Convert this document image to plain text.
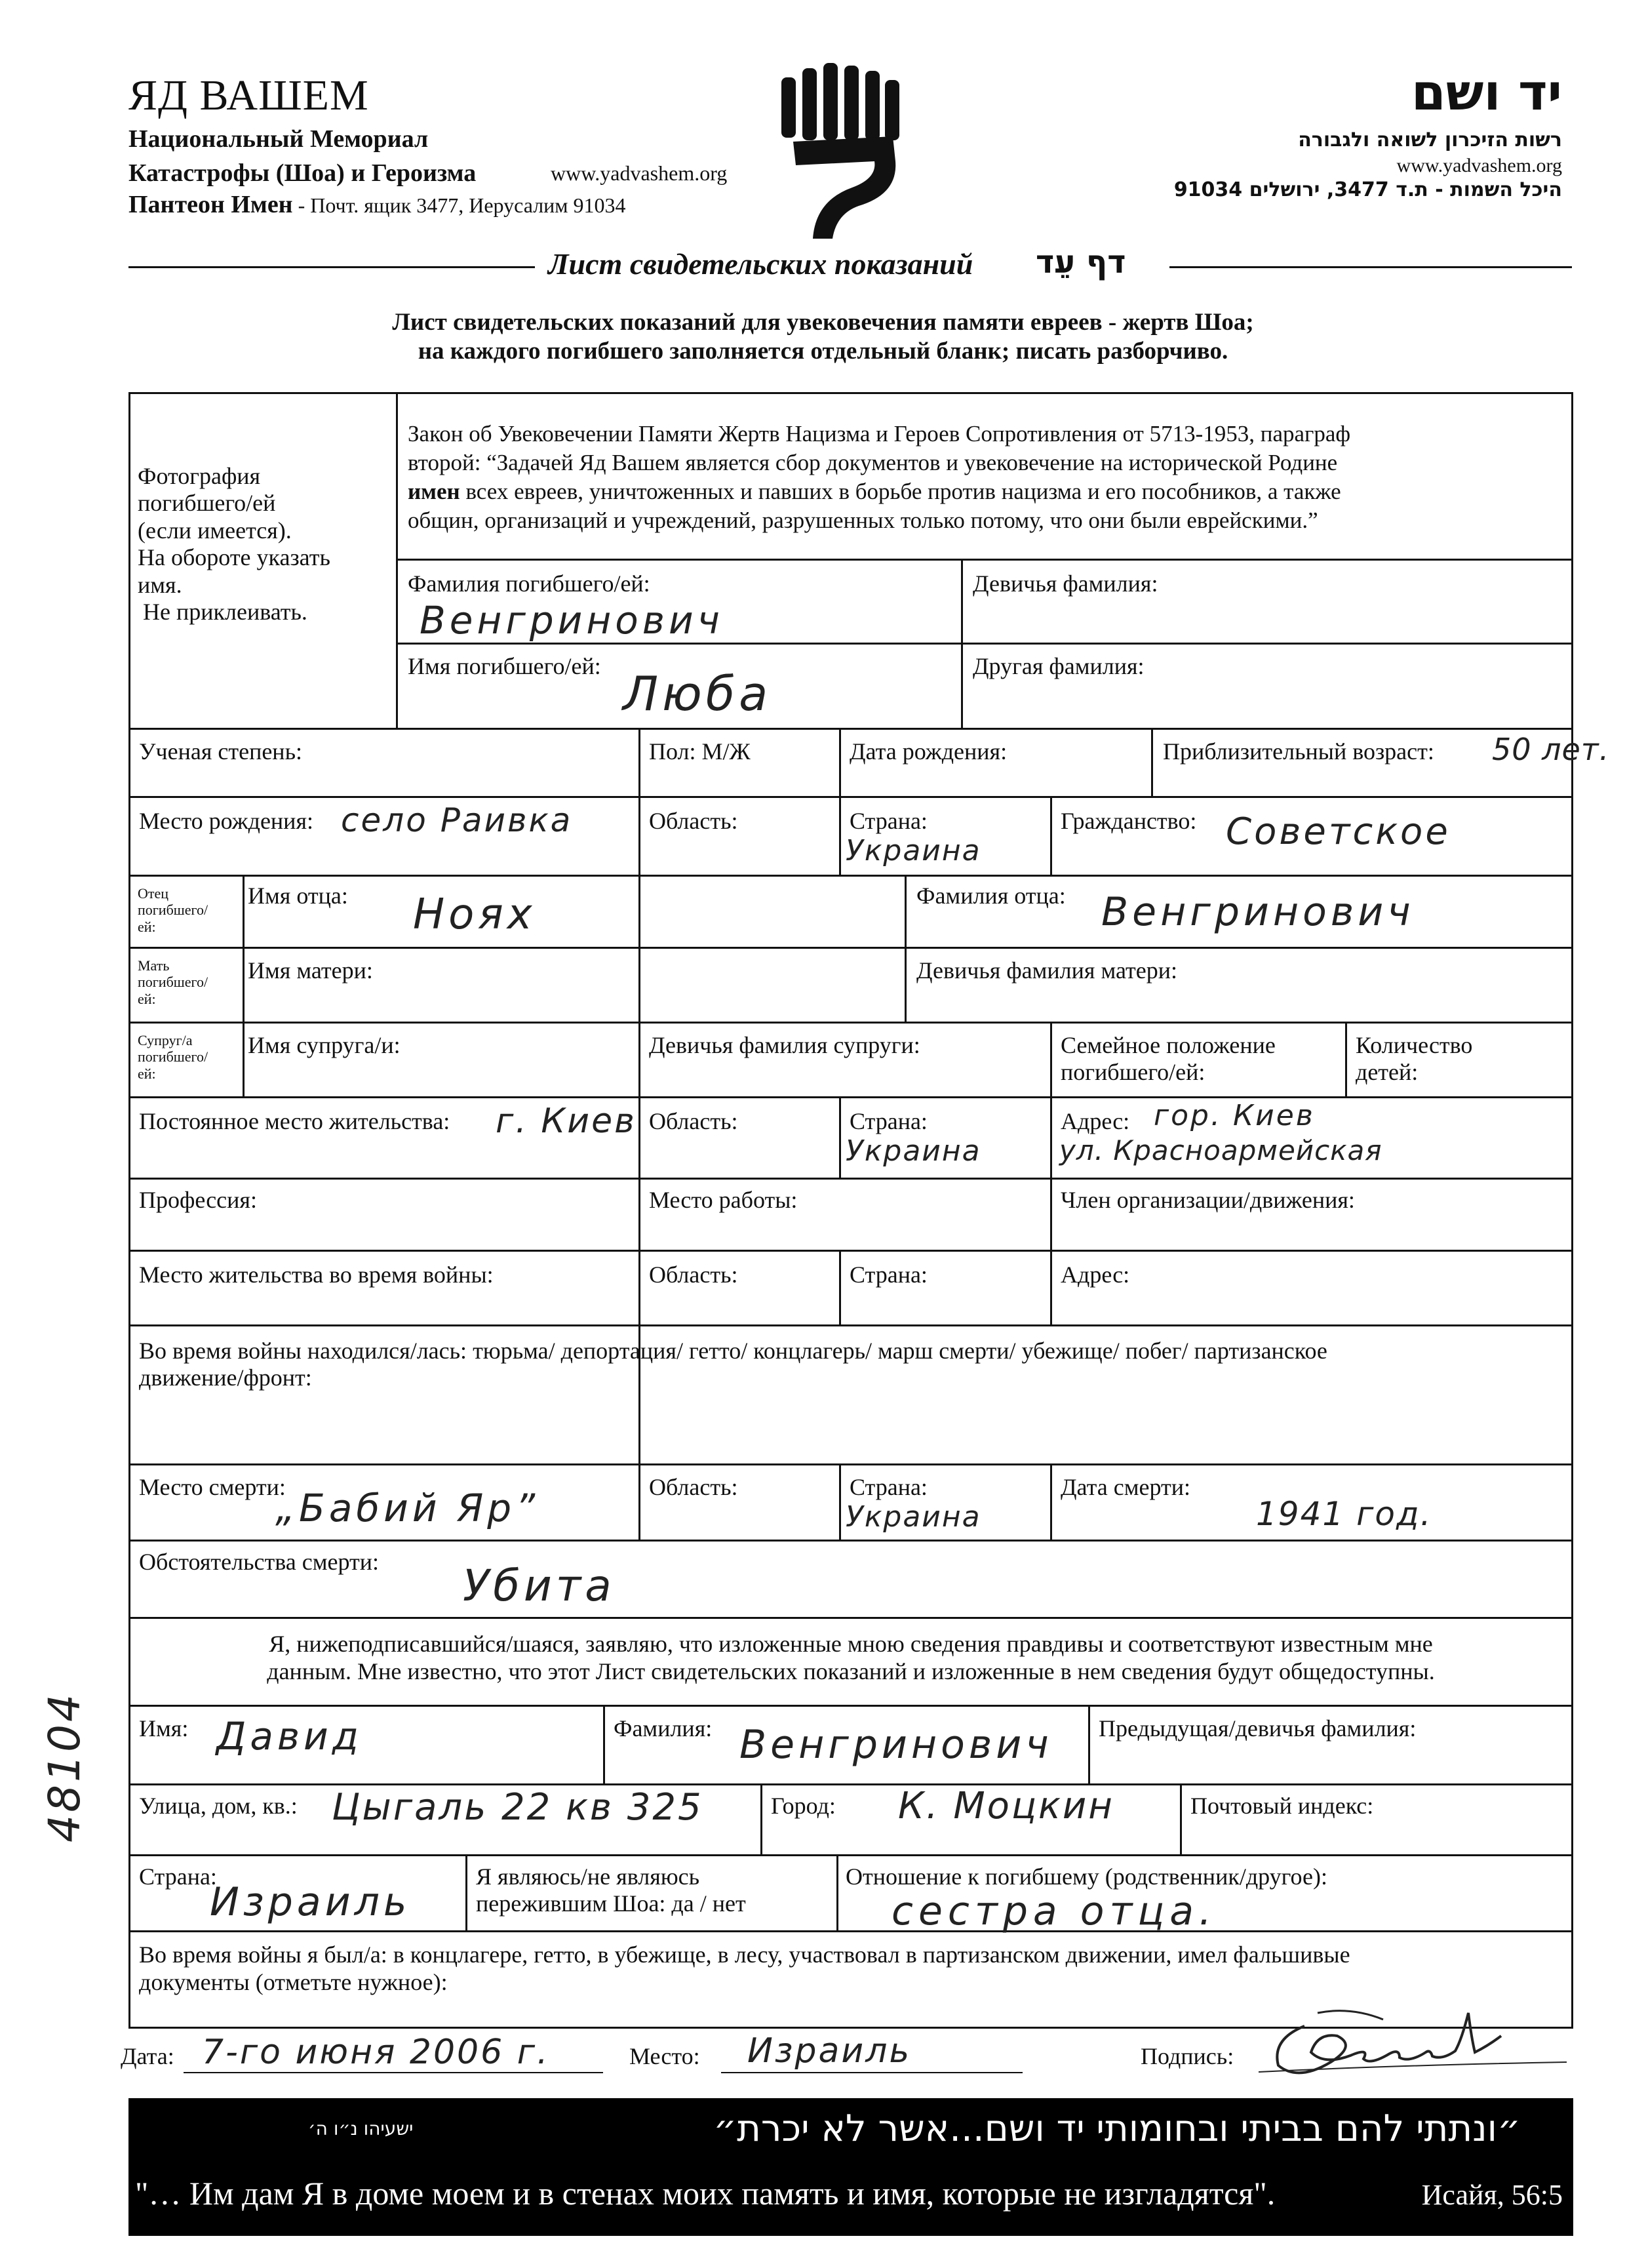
ЯД ВАШЕМ
Национальный Мемориал
Катастрофы (Шоа) и Героизма	www.yadvashem.org
Пантеон Имен - Почт. ящик 3477, Иерусалим 91034
יד ושם
רשות הזיכרון לשואה ולגבורה
www.yadvashem.org
היכל השמות - ת.ד 3477, ירושלים 91034
Лист свидетельских показаний דף עֵד
Лист свидетельских показаний для увековечения памяти евреев - жертв Шоа;
на каждого погибшего заполняется отдельный бланк; писать разборчиво.
Фотография
погибшего/ей
(если имеется).
На обороте указать
имя.
Не приклеивать.
Закон об Увековечении Памяти Жертв Нацизма и Героев Сопротивления от 5713-1953, параграф
второй: “Задачей Яд Вашем является сбор документов и увековечение на исторической Родине
имен всех евреев, уничтоженных и павших в борьбе против нацизма и его пособников, а также
общин, организаций и учреждений, разрушенных только потому, что они были еврейскими.”
Фамилия погибшего/ей:
Венгринович
Девичья фамилия:
Имя погибшего/ей: Люба	Другая фамилия:
Ученая степень:	Пол: М/Ж	Дата рождения:	Приблизительный возраст: 50 лет.
Место рождения: село Раивка	Область:	Страна:
Украина
Гражданство: Советское
Отец
погибшего/
ей:
Имя отца: Ноях	Фамилия отца: Венгринович
Мать
погибшего/
ей:
Имя матери:	Девичья фамилия матери:
Супруг/а
погибшего/
ей:
Имя супруга/и:	Девичья фамилия супруги:	Семейное положение
погибшего/ей:
Количество
детей:
Постоянное место жительства: г. Киев Область:	Страна:
Украина
Адрес: гор. Киев
ул. Красноармейская
Профессия:	Место работы:	Член организации/движения:
Место жительства во время войны:	Область:	Страна:	Адрес:
Во время войны находился/лась: тюрьма/ депортация/ гетто/ концлагерь/ марш смерти/ убежище/ побег/ партизанское
движение/фронт:
Место смерти:
„Бабий Яр”	Область:	Страна:
Украина
Дата смерти:
1941 год.
Обстоятельства смерти: Убита
Я, нижеподписавшийся/шаяся, заявляю, что изложенные мною сведения правдивы и соответствуют известным мне
данным. Мне известно, что этот Лист свидетельских показаний и изложенные в нем сведения будут общедоступны.
Имя: Давид	Фамилия: Венгринович Предыдущая/девичья фамилия:
Улица, дом, кв.: Цыгаль 22 кв 325	Город: К. Моцкин	Почтовый индекс:
Страна:
Израиль
Я являюсь/не являюсь
пережившим Шоа: да / нет
Отношение к погибшему (родственник/другое):
сестра отца.
Во время войны я был/а: в концлагере, гетто, в убежище, в лесу, участвовал в партизанском движении, имел фальшивые
документы (отметьте нужное):
Дата: 7-го июня 2006 г.	Место: Израиль	Подпись:
48104
ישעיהו נ״ו ה׳	״ונתתי להם בביתי ובחומותי יד ושם...אשר לא יכרת״
"… Им дам Я в доме моем и в стенах моих память и имя, которые не изгладятся".	Исайя, 56:5
